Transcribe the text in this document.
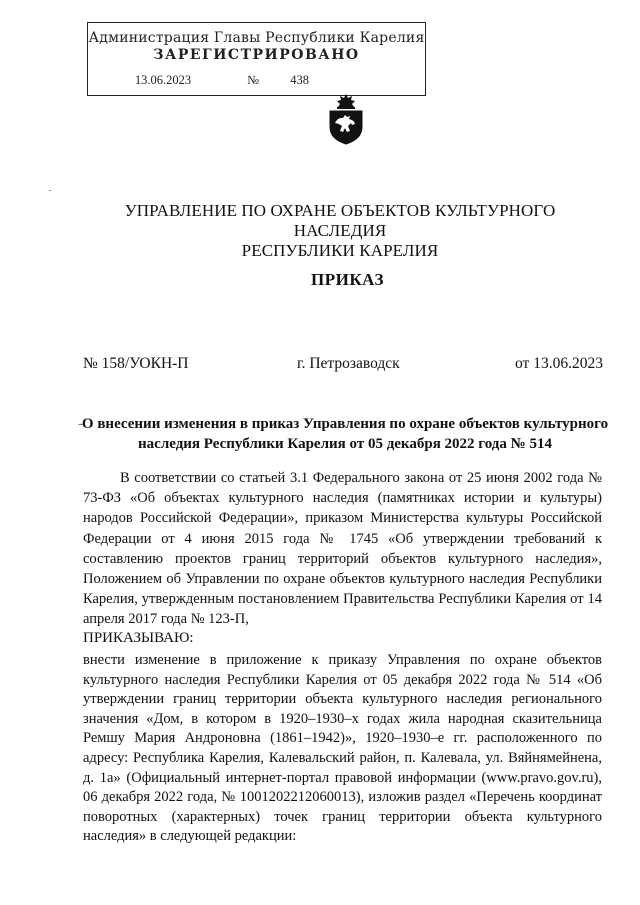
Администрация Главы Республики Карелия
ЗАРЕГИСТРИРОВАНО
13.06.2023	№ 438
УПРАВЛЕНИЕ ПО ОХРАНЕ ОБЪЕКТОВ КУЛЬТУРНОГО НАСЛЕДИЯ
РЕСПУБЛИКИ КАРЕЛИЯ
ПРИКАЗ
№ 158/УОКН-П	г. Петрозаводск	от 13.06.2023
-
О внесении изменения в приказ Управления по охране объектов культурного
наследия Республики Карелия от 05 декабря 2022 года № 514

В соответствии со статьей 3.1 Федерального закона от 25 июня 2002 года № 73-ФЗ «Об объектах культурного наследия (памятниках истории и культуры) народов Российской Федерации», приказом Министерства культуры Российской Федерации от 4 июня 2015 года № 1745 «Об утверждении требований к составлению проектов границ территорий объектов культурного наследия», Положением об Управлении по охране объектов культурного наследия Республики Карелия, утвержденным постановлением Правительства Республики Карелия от 14 апреля 2017 года № 123-П,

ПРИКАЗЫВАЮ:

внести изменение в приложение к приказу Управления по охране объектов культурного наследия Республики Карелия от 05 декабря 2022 года № 514 «Об утверждении границ территории объекта культурного наследия регионального значения «Дом, в котором в 1920–1930–х годах жила народная сказительница Ремшу Мария Андроновна (1861–1942)», 1920–1930–е гг. расположенного по адресу: Республика Карелия, Калевальский район, п. Калевала, ул. Вяйнямейнена, д. 1а» (Официальный интернет-портал правовой информации (www.pravo.gov.ru), 06 декабря 2022 года, № 1001202212060013), изложив раздел «Перечень координат поворотных (характерных) точек границ территории объекта культурного наследия» в следующей редакции:
